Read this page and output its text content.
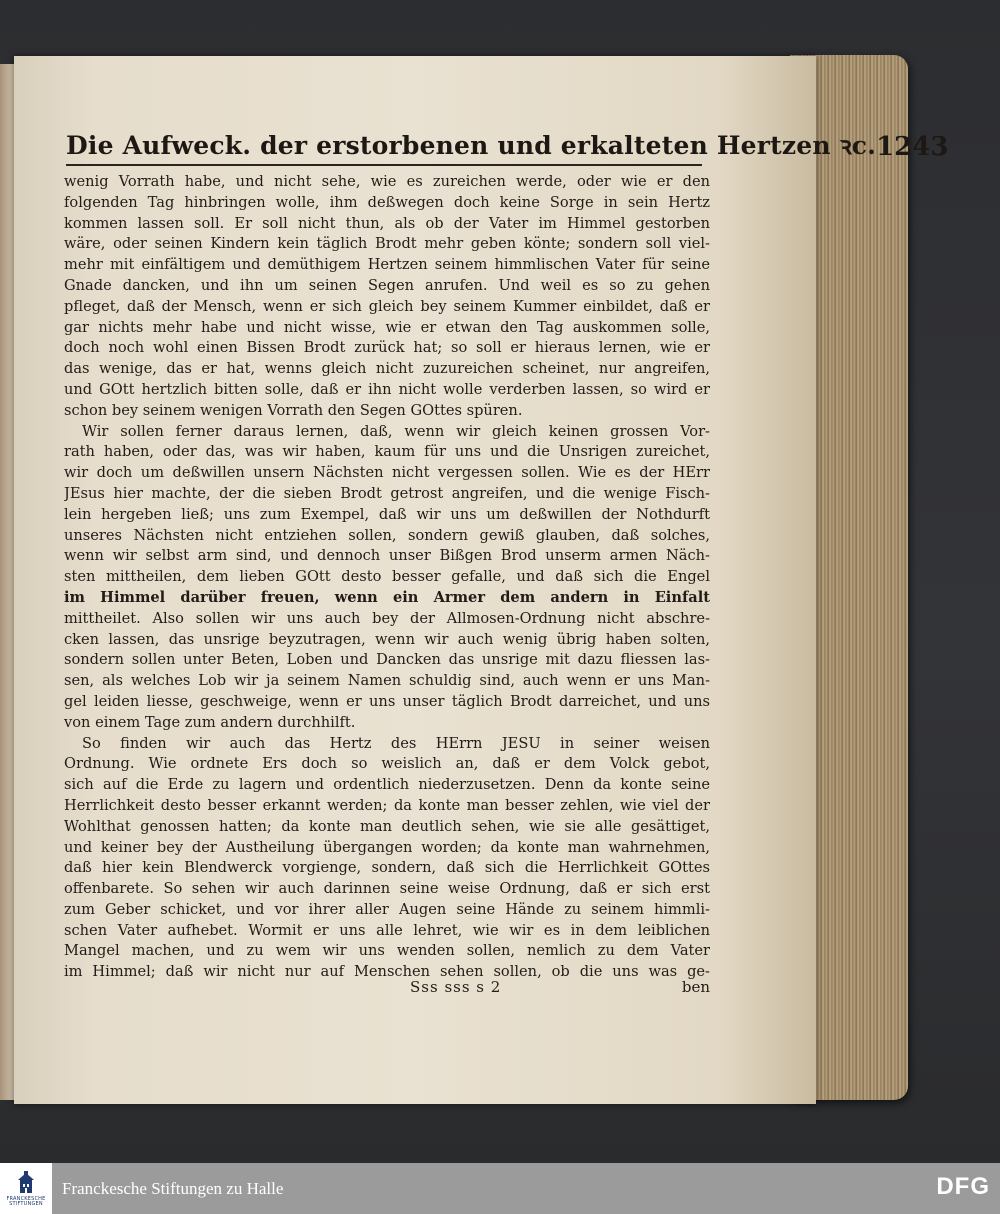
Die Aufweck. der erstorbenen und erkalteten Hertzen ꝛc. 1243
wenig Vorrath habe, und nicht sehe, wie es zureichen werde, oder wie er den
folgenden Tag hinbringen wolle, ihm deßwegen doch keine Sorge in sein Hertz
kommen lassen soll. Er soll nicht thun, als ob der Vater im Himmel gestorben
wäre, oder seinen Kindern kein täglich Brodt mehr geben könte; sondern soll viel-
mehr mit einfältigem und demüthigem Hertzen seinem himmlischen Vater für seine
Gnade dancken, und ihn um seinen Segen anrufen. Und weil es so zu gehen
pfleget, daß der Mensch, wenn er sich gleich bey seinem Kummer einbildet, daß er
gar nichts mehr habe und nicht wisse, wie er etwan den Tag auskommen solle,
doch noch wohl einen Bissen Brodt zurück hat; so soll er hieraus lernen, wie er
das wenige, das er hat, wenns gleich nicht zuzureichen scheinet, nur angreifen,
und GOtt hertzlich bitten solle, daß er ihn nicht wolle verderben lassen, so wird er
schon bey seinem wenigen Vorrath den Segen GOttes spüren.
Wir sollen ferner daraus lernen, daß, wenn wir gleich keinen grossen Vor-
rath haben, oder das, was wir haben, kaum für uns und die Unsrigen zureichet,
wir doch um deßwillen unsern Nächsten nicht vergessen sollen. Wie es der HErr
JEsus hier machte, der die sieben Brodt getrost angreifen, und die wenige Fisch-
lein hergeben ließ; uns zum Exempel, daß wir uns um deßwillen der Nothdurft
unseres Nächsten nicht entziehen sollen, sondern gewiß glauben, daß solches,
wenn wir selbst arm sind, und dennoch unser Bißgen Brod unserm armen Näch-
sten mittheilen, dem lieben GOtt desto besser gefalle, und daß sich die Engel
im Himmel darüber freuen, wenn ein Armer dem andern in Einfalt
mittheilet. Also sollen wir uns auch bey der Allmosen-Ordnung nicht abschre-
cken lassen, das unsrige beyzutragen, wenn wir auch wenig übrig haben solten,
sondern sollen unter Beten, Loben und Dancken das unsrige mit dazu fliessen las-
sen, als welches Lob wir ja seinem Namen schuldig sind, auch wenn er uns Man-
gel leiden liesse, geschweige, wenn er uns unser täglich Brodt darreichet, und uns
von einem Tage zum andern durchhilft.
So finden wir auch das Hertz des HErrn JESU in seiner weisen
Ordnung. Wie ordnete Ers doch so weislich an, daß er dem Volck gebot,
sich auf die Erde zu lagern und ordentlich niederzusetzen. Denn da konte seine
Herrlichkeit desto besser erkannt werden; da konte man besser zehlen, wie viel der
Wohlthat genossen hatten; da konte man deutlich sehen, wie sie alle gesättiget,
und keiner bey der Austheilung übergangen worden; da konte man wahrnehmen,
daß hier kein Blendwerck vorgienge, sondern, daß sich die Herrlichkeit GOttes
offenbarete. So sehen wir auch darinnen seine weise Ordnung, daß er sich erst
zum Geber schicket, und vor ihrer aller Augen seine Hände zu seinem himmli-
schen Vater aufhebet. Wormit er uns alle lehret, wie wir es in dem leiblichen
Mangel machen, und zu wem wir uns wenden sollen, nemlich zu dem Vater
im Himmel; daß wir nicht nur auf Menschen sehen sollen, ob die uns was ge-
Sss sss s 2	ben
FRANCKESCHE
STIFTUNGEN
Franckesche Stiftungen zu Halle	DFG
